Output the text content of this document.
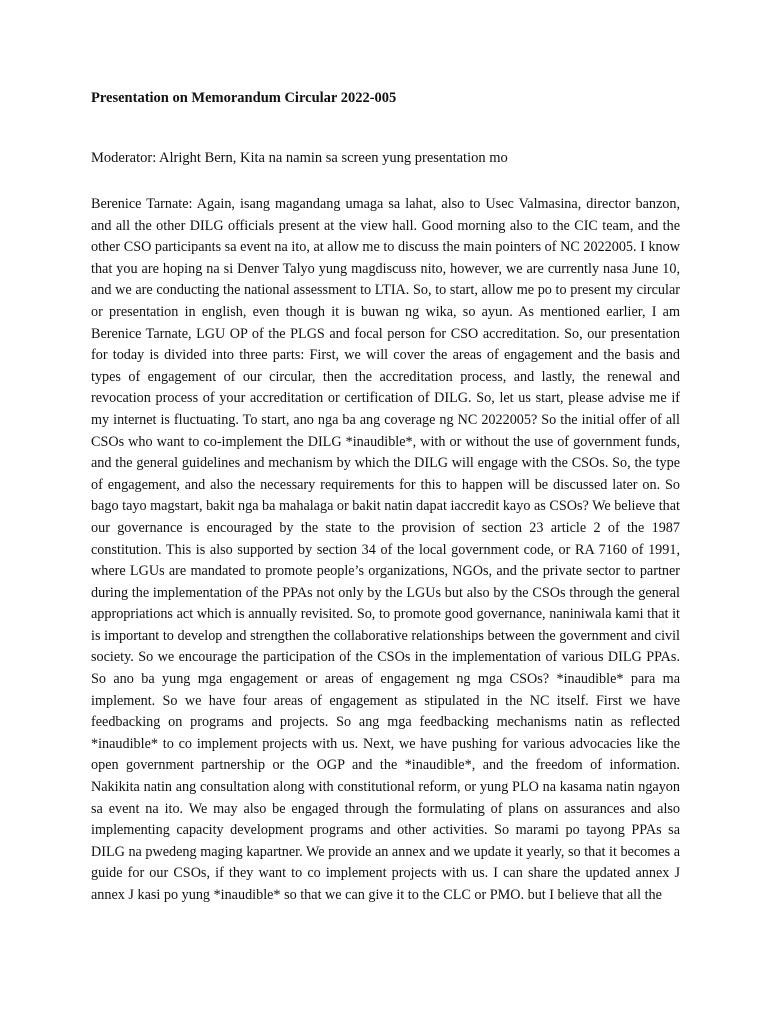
Presentation on Memorandum Circular 2022-005

Moderator: Alright Bern, Kita na namin sa screen yung presentation mo

Berenice Tarnate: Again, isang magandang umaga sa lahat, also to Usec Valmasina, director banzon, and all the other DILG officials present at the view hall. Good morning also to the CIC team, and the other CSO participants sa event na ito, at allow me to discuss the main pointers of NC 2022005. I know that you are hoping na si Denver Talyo yung magdiscuss nito, however, we are currently nasa June 10, and we are conducting the national assessment to LTIA. So, to start, allow me po to present my circular or presentation in english, even though it is buwan ng wika, so ayun. As mentioned earlier, I am Berenice Tarnate, LGU OP of the PLGS and focal person for CSO accreditation. So, our presentation for today is divided into three parts: First, we will cover the areas of engagement and the basis and types of engagement of our circular, then the accreditation process, and lastly, the renewal and revocation process of your accreditation or certification of DILG. So, let us start, please advise me if my internet is fluctuating. To start, ano nga ba ang coverage ng NC 2022005? So the initial offer of all CSOs who want to co-implement the DILG *inaudible*, with or without the use of government funds, and the general guidelines and mechanism by which the DILG will engage with the CSOs. So, the type of engagement, and also the necessary requirements for this to happen will be discussed later on. So bago tayo magstart, bakit nga ba mahalaga or bakit natin dapat iaccredit kayo as CSOs? We believe that our governance is encouraged by the state to the provision of section 23 article 2 of the 1987 constitution. This is also supported by section 34 of the local government code, or RA 7160 of 1991, where LGUs are mandated to promote people’s organizations, NGOs, and the private sector to partner during the implementation of the PPAs not only by the LGUs but also by the CSOs through the general appropriations act which is annually revisited. So, to promote good governance, naniniwala kami that it is important to develop and strengthen the collaborative relationships between the government and civil society. So we encourage the participation of the CSOs in the implementation of various DILG PPAs. So ano ba yung mga engagement or areas of engagement ng mga CSOs? *inaudible* para ma implement. So we have four areas of engagement as stipulated in the NC itself. First we have feedbacking on programs and projects. So ang mga feedbacking mechanisms natin as reflected *inaudible* to co implement projects with us. Next, we have pushing for various advocacies like the open government partnership or the OGP and the *inaudible*, and the freedom of information. Nakikita natin ang consultation along with constitutional reform, or yung PLO na kasama natin ngayon sa event na ito. We may also be engaged through the formulating of plans on assurances and also implementing capacity development programs and other activities. So marami po tayong PPAs sa DILG na pwedeng maging kapartner. We provide an annex and we update it yearly, so that it becomes a guide for our CSOs, if they want to co implement projects with us. I can share the updated annex J annex J kasi po yung *inaudible* so that we can give it to the CLC or PMO. but I believe that all the
